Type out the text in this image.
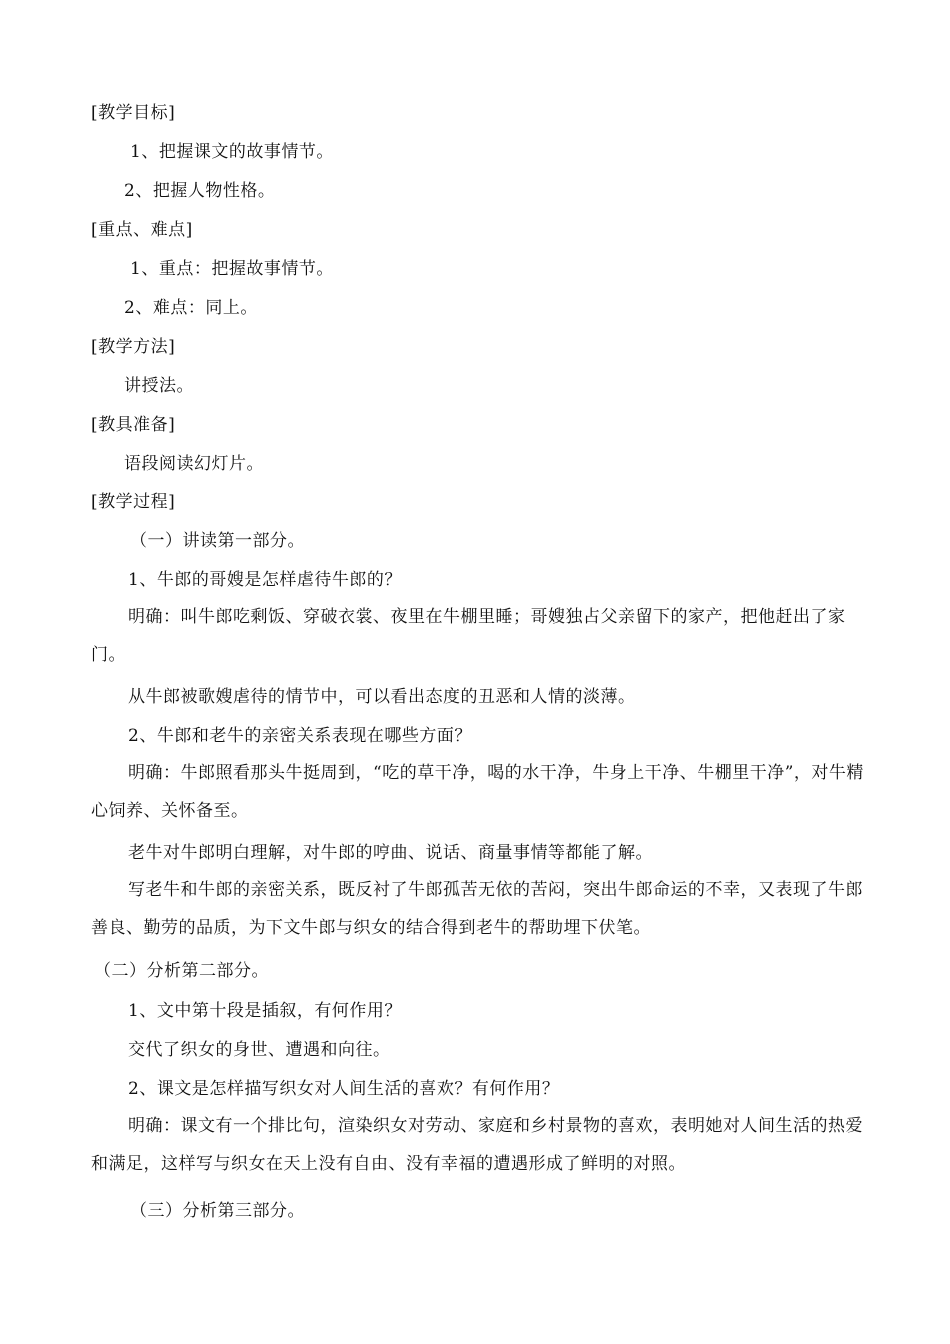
[教学目标]
1、把握课文的故事情节。
2、把握人物性格。
[重点、难点]
1、重点：把握故事情节。
2、难点：同上。
[教学方法]
讲授法。
[教具准备]
语段阅读幻灯片。
[教学过程]
（一）讲读第一部分。
1、牛郎的哥嫂是怎样虐待牛郎的？
明确：叫牛郎吃剩饭、穿破衣裳、夜里在牛棚里睡；哥嫂独占父亲留下的家产，把他赶出了家门。
从牛郎被歌嫂虐待的情节中，可以看出态度的丑恶和人情的淡薄。
2、牛郎和老牛的亲密关系表现在哪些方面？
明确：牛郎照看那头牛挺周到，“吃的草干净，喝的水干净，牛身上干净、牛棚里干净”，对牛精心饲养、关怀备至。
老牛对牛郎明白理解，对牛郎的哼曲、说话、商量事情等都能了解。
写老牛和牛郎的亲密关系，既反衬了牛郎孤苦无依的苦闷，突出牛郎命运的不幸，又表现了牛郎善良、勤劳的品质，为下文牛郎与织女的结合得到老牛的帮助埋下伏笔。
（二）分析第二部分。
1、文中第十段是插叙，有何作用？
交代了织女的身世、遭遇和向往。
2、课文是怎样描写织女对人间生活的喜欢？有何作用？
明确：课文有一个排比句，渲染织女对劳动、家庭和乡村景物的喜欢，表明她对人间生活的热爱和满足，这样写与织女在天上没有自由、没有幸福的遭遇形成了鲜明的对照。
（三）分析第三部分。
